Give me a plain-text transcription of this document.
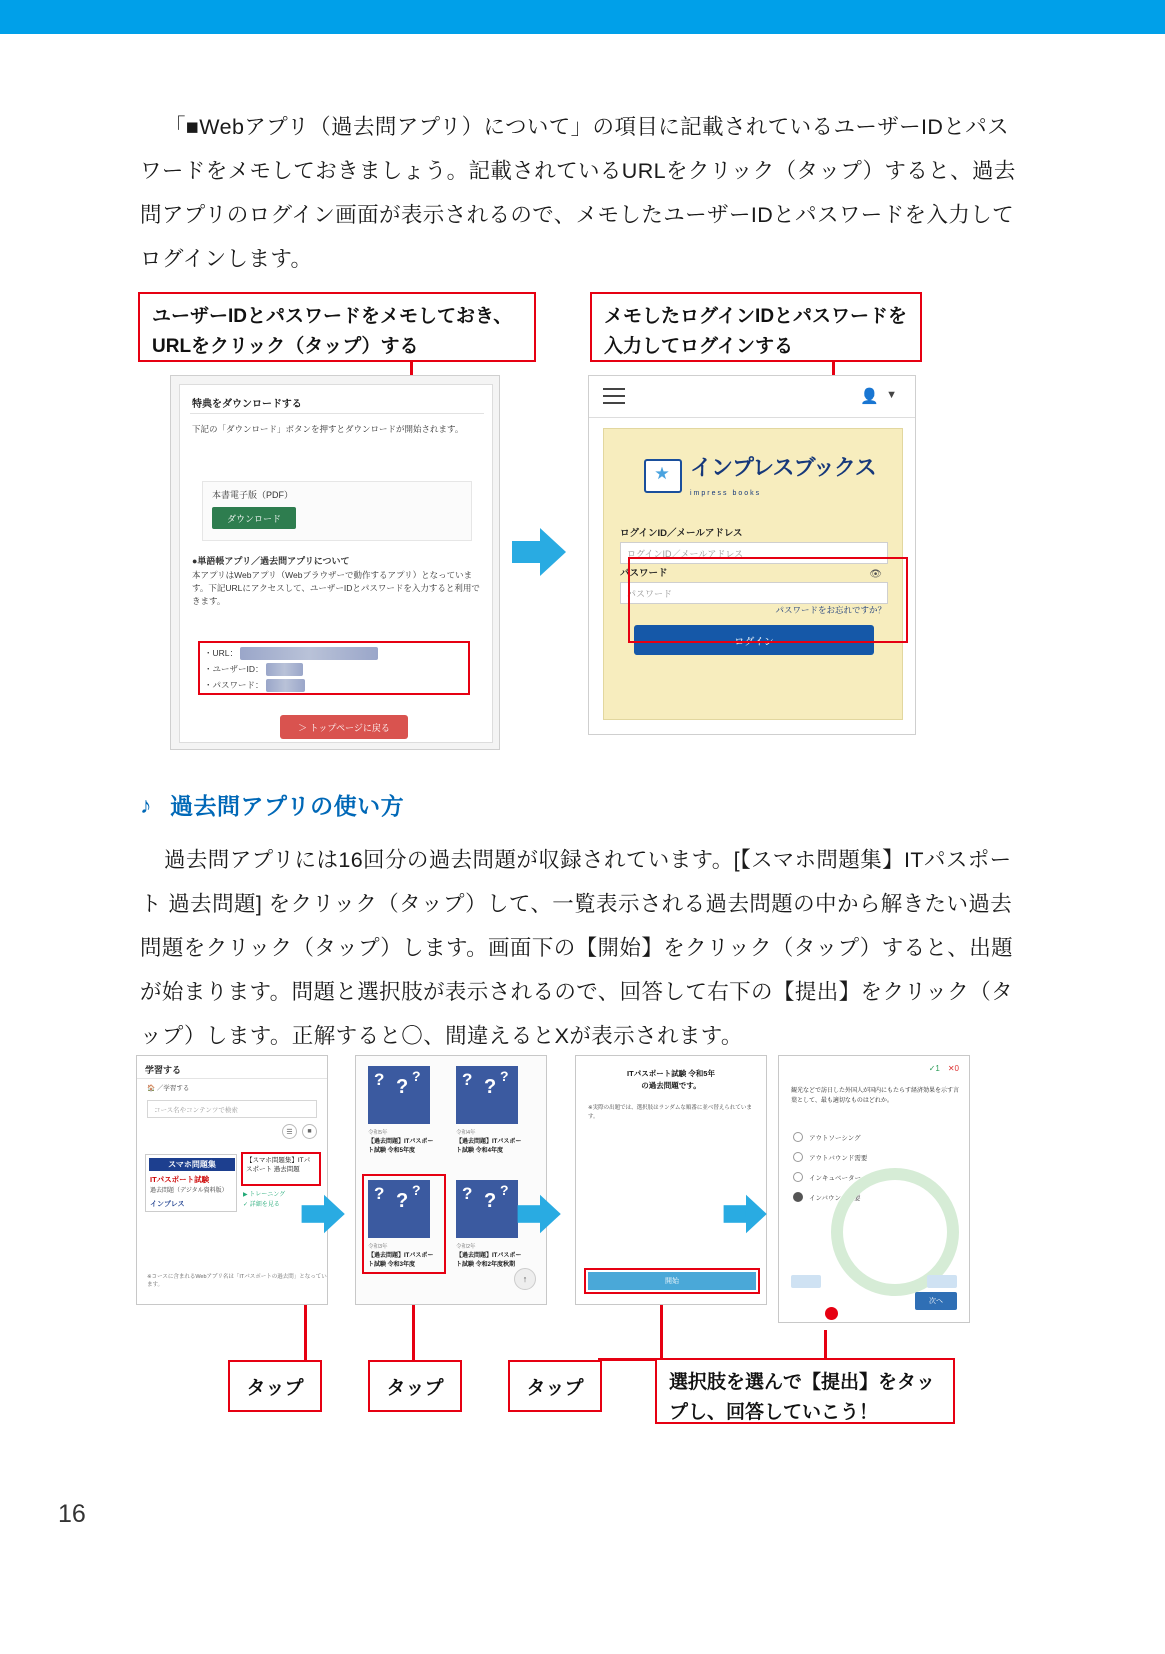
「■Webアプリ（過去問アプリ）について」の項目に記載されているユーザーIDとパスワードをメモしておきましょう。記載されているURLをクリック（タップ）すると、過去問アプリのログイン画面が表示されるので、メモしたユーザーIDとパスワードを入力してログインします。
ユーザーIDとパスワードをメモしておき、URLをクリック（タップ）する
メモしたログインIDとパスワードを入力してログインする
特典をダウンロードする
下記の「ダウンロード」ボタンを押すとダウンロードが開始されます。
本書電子版（PDF）
ダウンロード
●単語帳アプリ／過去問アプリについて
本アプリはWebアプリ（Webブラウザーで動作するアプリ）となっています。下記URLにアクセスして、ユーザーIDとパスワードを入力すると利用できます。
・URL：
・ユーザーID：
・パスワード：
＞ トップページに戻る
👤 ▼
インプレスブックス
impress books
ログインID／メールアドレス
ログインID／メールアドレス
パスワード
パスワード
👁
パスワードをお忘れですか？
ログイン
♪ 過去問アプリの使い方
過去問アプリには16回分の過去問題が収録されています。[【スマホ問題集】ITパスポート 過去問題] をクリック（タップ）して、一覧表示される過去問題の中から解きたい過去問題をクリック（タップ）します。画面下の【開始】をクリック（タップ）すると、出題が始まります。問題と選択肢が表示されるので、回答して右下の【提出】をクリック（タップ）します。正解すると〇、間違えるとXが表示されます。
学習する
🏠 ／学習する
コース名やコンテンツで検索
☰	■
スマホ問題集
ITパスポート試験
過去問題（デジタル資料版）
インプレス
【スマホ問題集】ITパスポート 過去問題
▶ トレーニング
✓ 詳細を見る
※コースに含まれるWebアプリ名は「ITパスポートの過去問」となっています。
? ? ? ? ? ?
令和5年	令和4年
【過去問題】ITパスポート試験 令和5年度
【過去問題】ITパスポート試験 令和4年度
? ? ? ? ? ?
令和3年	令和2年
【過去問題】ITパスポート試験 令和3年度
【過去問題】ITパスポート試験 令和2年度秋期
↑
ITパスポート試験 令和5年
の過去問題です。
※実際の出題では、選択肢はランダムな順番に並べ替えられています。
開始
✓1 ✕0
観光などで訪日した外国人が国内にもたらす経済効果を示す言葉として、最も適切なものはどれか。
アウトソーシング
アウトバウンド需要
インキュベーター
インバウンド需要
次へ
タップ	タップ	タップ	選択肢を選んで【提出】をタップし、回答していこう！
16
